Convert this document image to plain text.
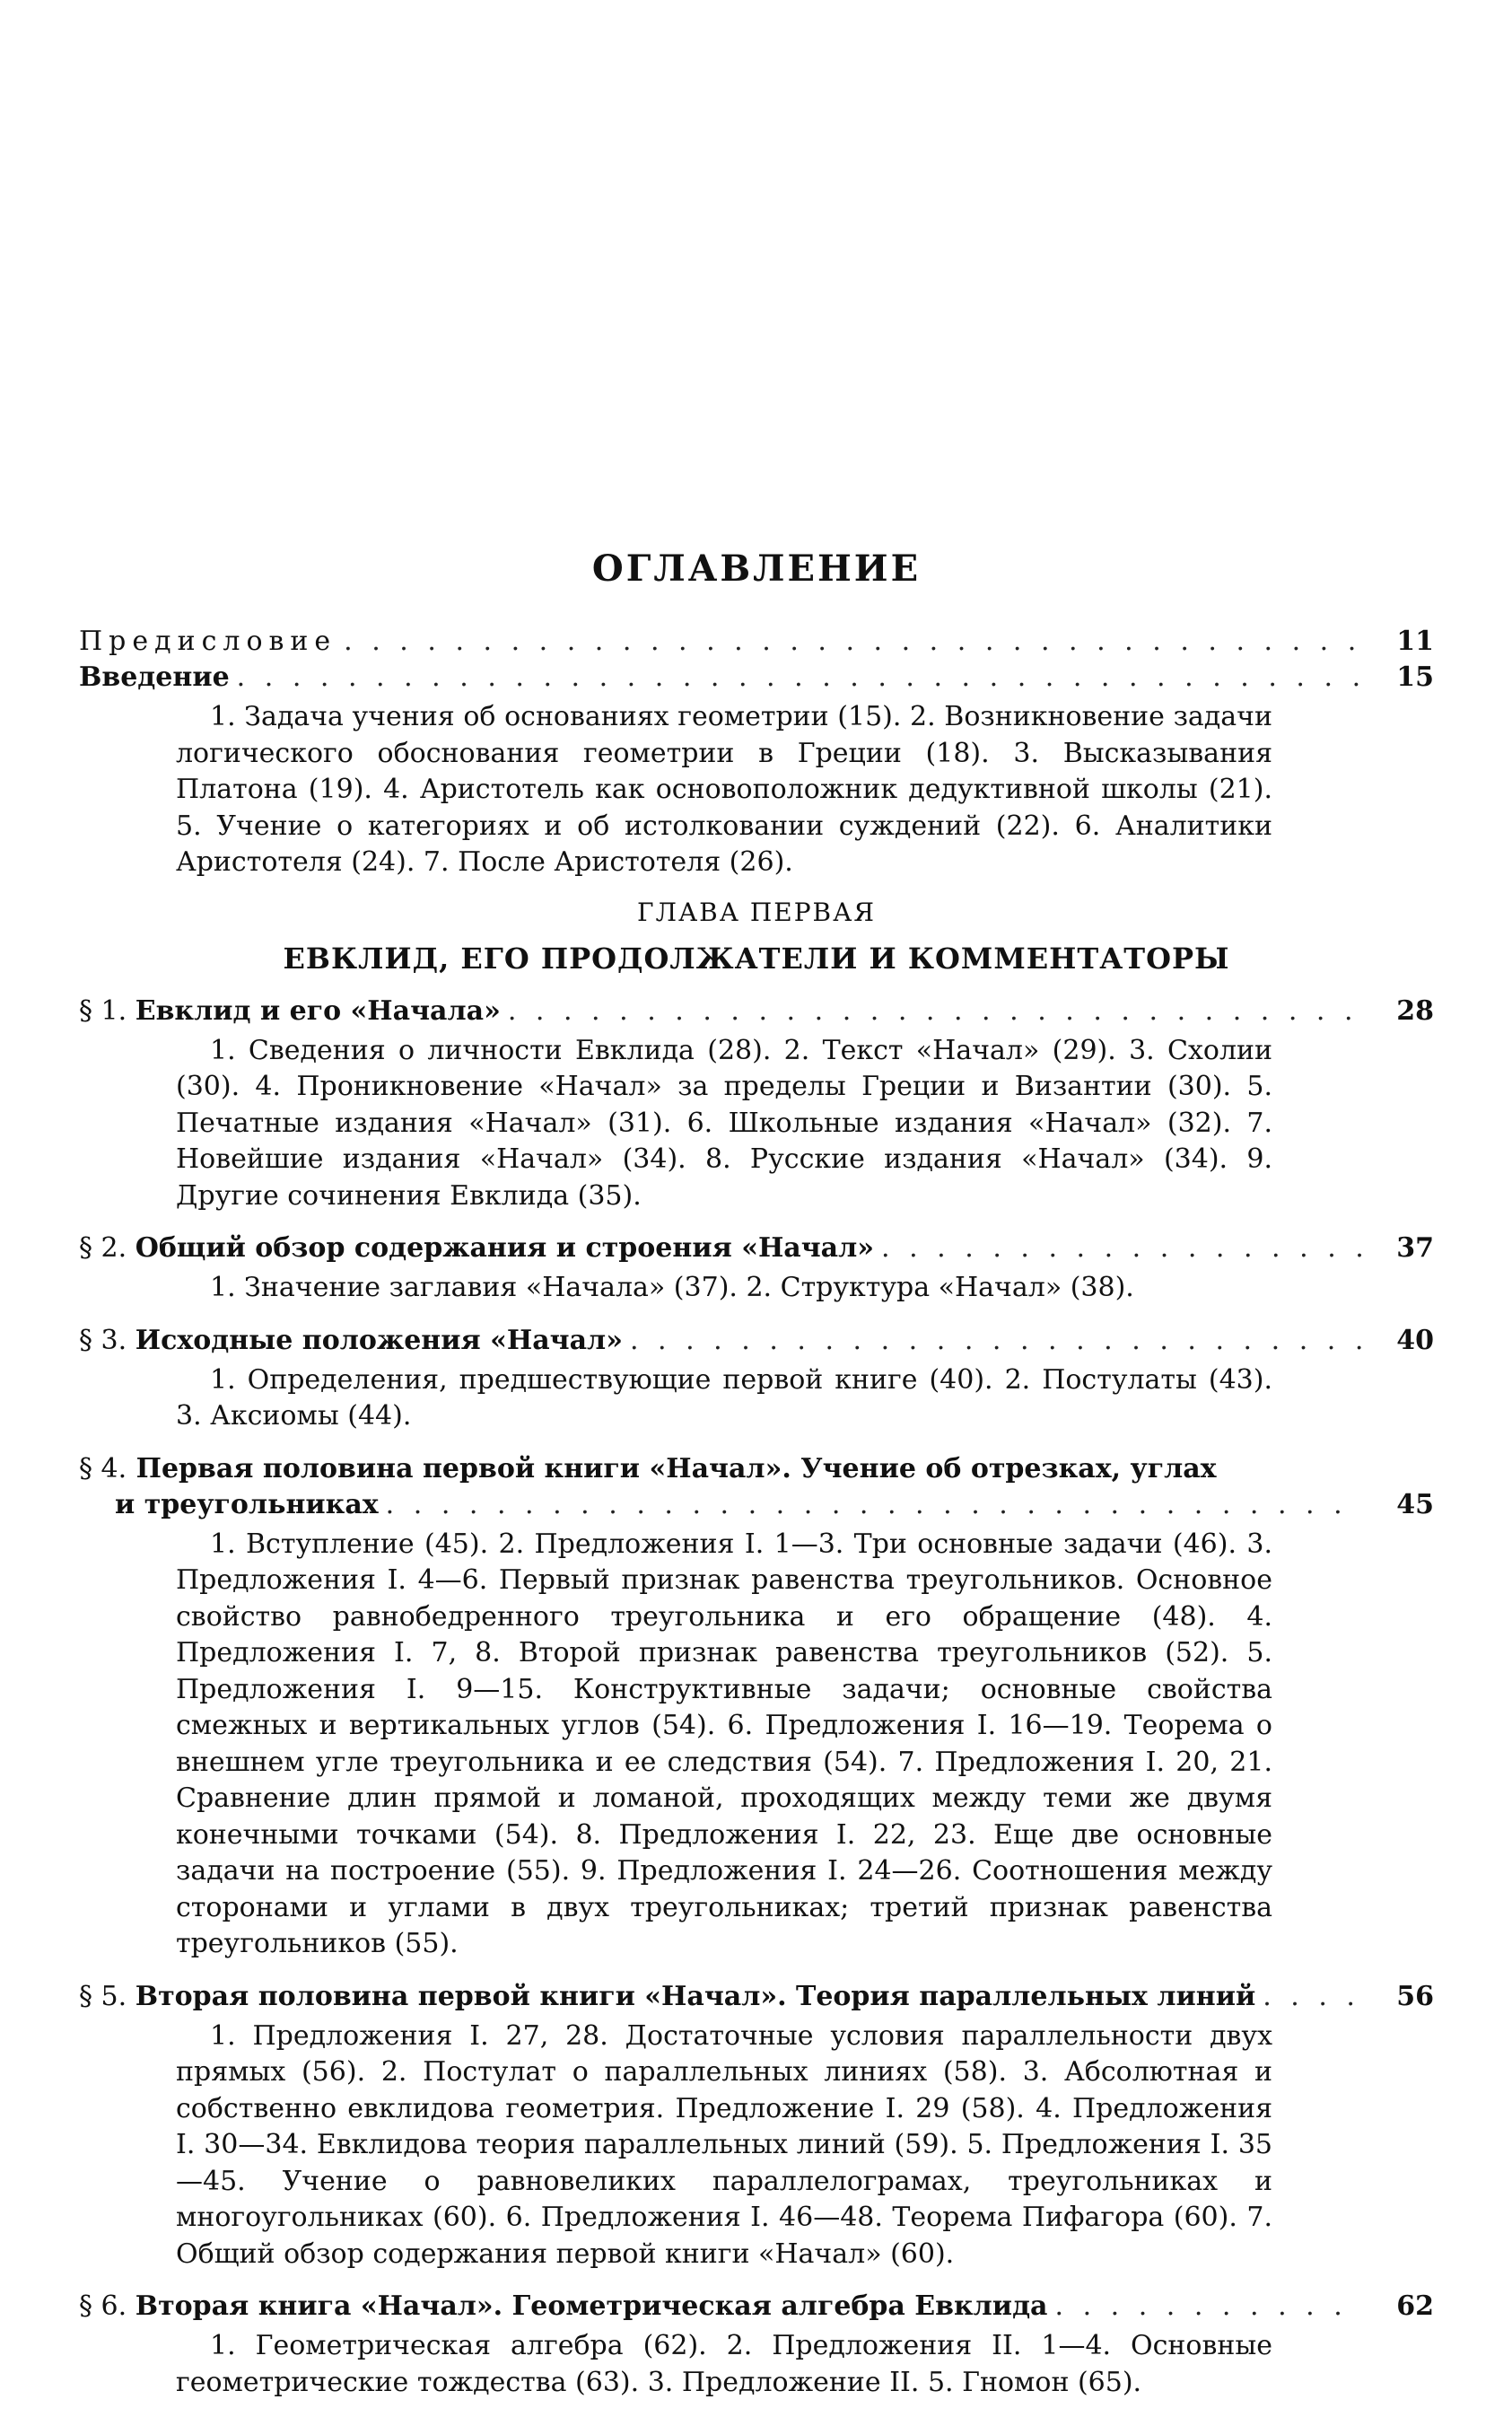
ОГЛАВЛЕНИЕ
Предисловие . . .	11
Введение . . .	15
1. Задача учения об основаниях геометрии (15). 2. Возникновение задачи логического обоснования геометрии в Греции (18). 3. Высказывания Платона (19). 4. Аристотель как основоположник дедуктивной школы (21). 5. Учение о категориях и об истолковании суждений (22). 6. Аналитики Аристотеля (24). 7. После Аристотеля (26).
ГЛАВА ПЕРВАЯ
ЕВКЛИД, ЕГО ПРОДОЛЖАТЕЛИ И КОММЕНТАТОРЫ
§ 1. Евклид и его «Начала» . . .	28
1. Сведения о личности Евклида (28). 2. Текст «Начал» (29). 3. Схолии (30). 4. Проникновение «Начал» за пределы Греции и Византии (30). 5. Печатные издания «Начал» (31). 6. Школьные издания «Начал» (32). 7. Новейшие издания «Начал» (34). 8. Русские издания «Начал» (34). 9. Другие сочинения Евклида (35).
§ 2. Общий обзор содержания и строения «Начал» . . .	37
1. Значение заглавия «Начала» (37). 2. Структура «Начал» (38).
§ 3. Исходные положения «Начал» . . .	40
1. Определения, предшествующие первой книге (40). 2. Постулаты (43). 3. Аксиомы (44).
§ 4. Первая половина первой книги «Начал». Учение об отрезках, углах
и треугольниках . . .	45
1. Вступление (45). 2. Предложения I. 1—3. Три основные задачи (46). 3. Предложения I. 4—6. Первый признак равенства треугольников. Основное свойство равнобедренного треугольника и его обращение (48). 4. Предложения I. 7, 8. Второй признак равенства треугольников (52). 5. Предложения I. 9—15. Конструктивные задачи; основные свойства смежных и вертикальных углов (54). 6. Предложения I. 16—19. Теорема о внешнем угле треугольника и ее следствия (54). 7. Предложения I. 20, 21. Сравнение длин прямой и ломаной, проходящих между теми же двумя конечными точками (54). 8. Предложения I. 22, 23. Еще две основные задачи на построение (55). 9. Предложения I. 24—26. Соотношения между сторонами и углами в двух треугольниках; третий признак равенства треугольников (55).
§ 5. Вторая половина первой книги «Начал». Теория параллельных линий . . .	56
1. Предложения I. 27, 28. Достаточные условия параллельности двух прямых (56). 2. Постулат о параллельных линиях (58). 3. Абсолютная и собственно евклидова геометрия. Предложение I. 29 (58). 4. Предложения I. 30—34. Евклидова теория параллельных линий (59). 5. Предложения I. 35—45. Учение о равновеликих параллелограмах, треугольниках и многоугольниках (60). 6. Предложения I. 46—48. Теорема Пифагора (60). 7. Общий обзор содержания первой книги «Начал» (60).
§ 6. Вторая книга «Начал». Геометрическая алгебра Евклида . . .	62
1. Геометрическая алгебра (62). 2. Предложения II. 1—4. Основные геометрические тождества (63). 3. Предложение II. 5. Гномон (65).
